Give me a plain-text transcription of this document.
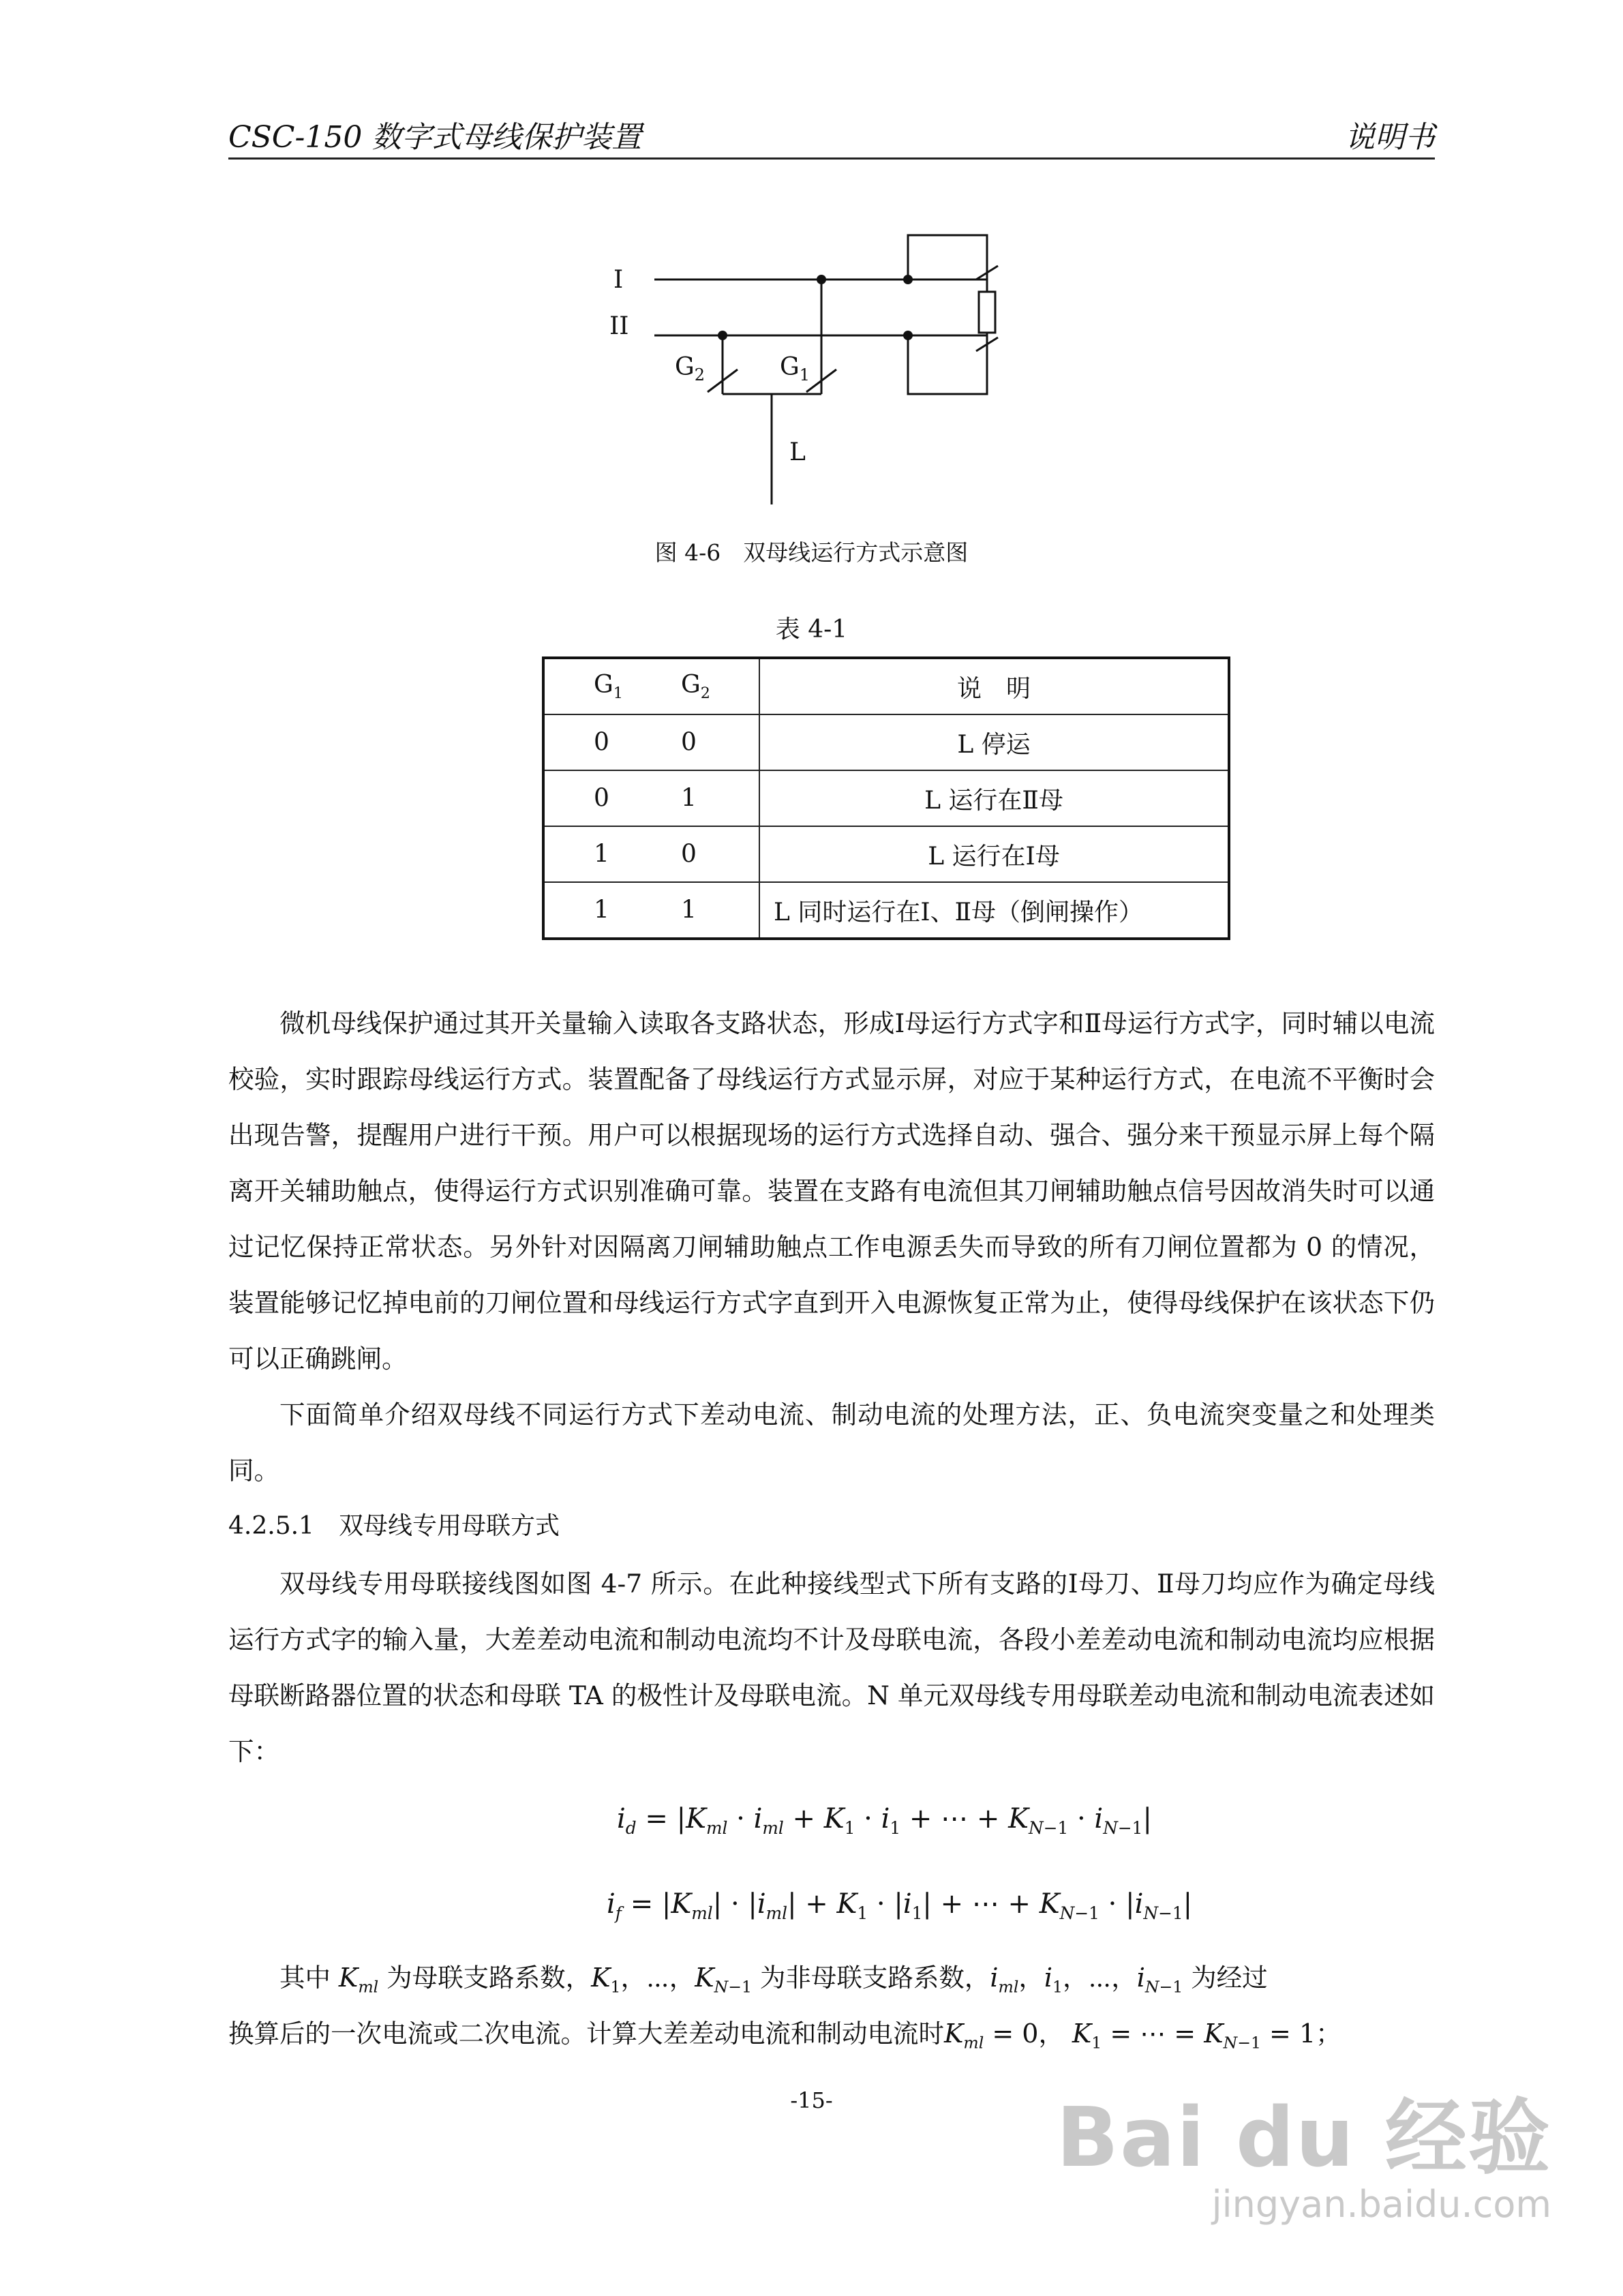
CSC-150 数字式母线保护装置	说明书
I
II
$G_2$	$G_1$
L
图 4-6　双母线运行方式示意图
表 4-1
$G_1$ $G_2$	说　明

0 0	L 停运

0 1	L 运行在Ⅱ母

1 0	L 运行在Ⅰ母

1 1	L 同时运行在Ⅰ、Ⅱ母（倒闸操作）

微机母线保护通过其开关量输入读取各支路状态，形成Ⅰ母运行方式字和Ⅱ母运行方式字，同时辅以电流校验，实时跟踪母线运行方式。装置配备了母线运行方式显示屏，对应于某种运行方式，在电流不平衡时会出现告警，提醒用户进行干预。用户可以根据现场的运行方式选择自动、强合、强分来干预显示屏上每个隔离开关辅助触点，使得运行方式识别准确可靠。装置在支路有电流但其刀闸辅助触点信号因故消失时可以通过记忆保持正常状态。另外针对因隔离刀闸辅助触点工作电源丢失而导致的所有刀闸位置都为 0 的情况，装置能够记忆掉电前的刀闸位置和母线运行方式字直到开入电源恢复正常为止，使得母线保护在该状态下仍可以正确跳闸。

下面简单介绍双母线不同运行方式下差动电流、制动电流的处理方法，正、负电流突变量之和处理类同。

4.2.5.1　双母线专用母联方式

双母线专用母联接线图如图 4-7 所示。在此种接线型式下所有支路的Ⅰ母刀、Ⅱ母刀均应作为确定母线运行方式字的输入量，大差差动电流和制动电流均不计及母联电流，各段小差差动电流和制动电流均应根据母联断路器位置的状态和母联 TA 的极性计及母联电流。N 单元双母线专用母联差动电流和制动电流表述如下：

$i_d = |K_{ml} \cdot i_{ml} + K_1 \cdot i_1$ + ⋯ + $K_{N-1} \cdot i_{N-1}|$
$i_f = |K_{ml}| \cdot |i_{ml}| + K_1 \cdot |i_1|$ + ⋯ + $K_{N-1} \cdot |i_{N-1}|$
其中 $K_{ml}$ 为母联支路系数，$K_1$，⋯，$K_{N-1}$ 为非母联支路系数，$i_{ml}$，$i_1$，⋯，$i_{N-1}$ 为经过
换算后的一次电流或二次电流。计算大差差动电流和制动电流时$K_{ml} = 0$， $K_1$ = ⋯ = $K_{N-1} = 1$；
-15-	Bai du 经验
jingyan.baidu.com
